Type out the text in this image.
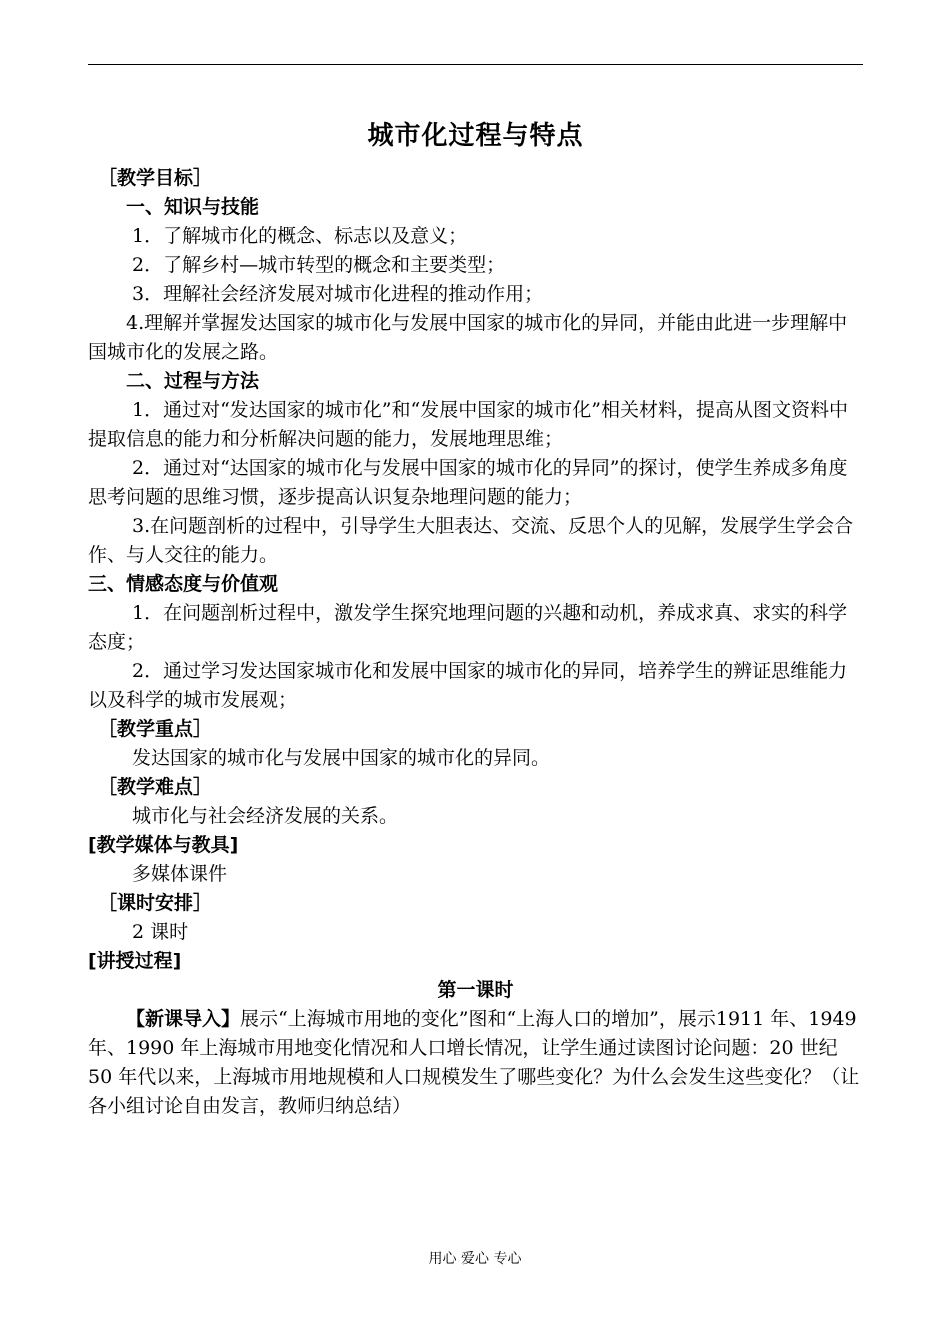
城市化过程与特点

［教学目标］

一、知识与技能

1．了解城市化的概念、标志以及意义；

2．了解乡村—城市转型的概念和主要类型；

3．理解社会经济发展对城市化进程的推动作用；

4.理解并掌握发达国家的城市化与发展中国家的城市化的异同，并能由此进一步理解中国城市化的发展之路。

二、过程与方法

1．通过对“发达国家的城市化”和“发展中国家的城市化”相关材料，提高从图文资料中提取信息的能力和分析解决问题的能力，发展地理思维；

2．通过对“达国家的城市化与发展中国家的城市化的异同”的探讨，使学生养成多角度思考问题的思维习惯，逐步提高认识复杂地理问题的能力；

3.在问题剖析的过程中，引导学生大胆表达、交流、反思个人的见解，发展学生学会合作、与人交往的能力。

三、情感态度与价值观

1．在问题剖析过程中，激发学生探究地理问题的兴趣和动机，养成求真、求实的科学态度；

2．通过学习发达国家城市化和发展中国家的城市化的异同，培养学生的辨证思维能力以及科学的城市发展观；

［教学重点］

发达国家的城市化与发展中国家的城市化的异同。

［教学难点］

城市化与社会经济发展的关系。

[教学媒体与教具]

多媒体课件

［课时安排］

2 课时

[讲授过程]

第一课时

【新课导入】展示“上海城市用地的变化”图和“上海人口的增加”，展示1911 年、1949 年、1990 年上海城市用地变化情况和人口增长情况，让学生通过读图讨论问题：20 世纪 50 年代以来，上海城市用地规模和人口规模发生了哪些变化？为什么会发生这些变化？（让各小组讨论自由发言，教师归纳总结）

用心 爱心 专心
